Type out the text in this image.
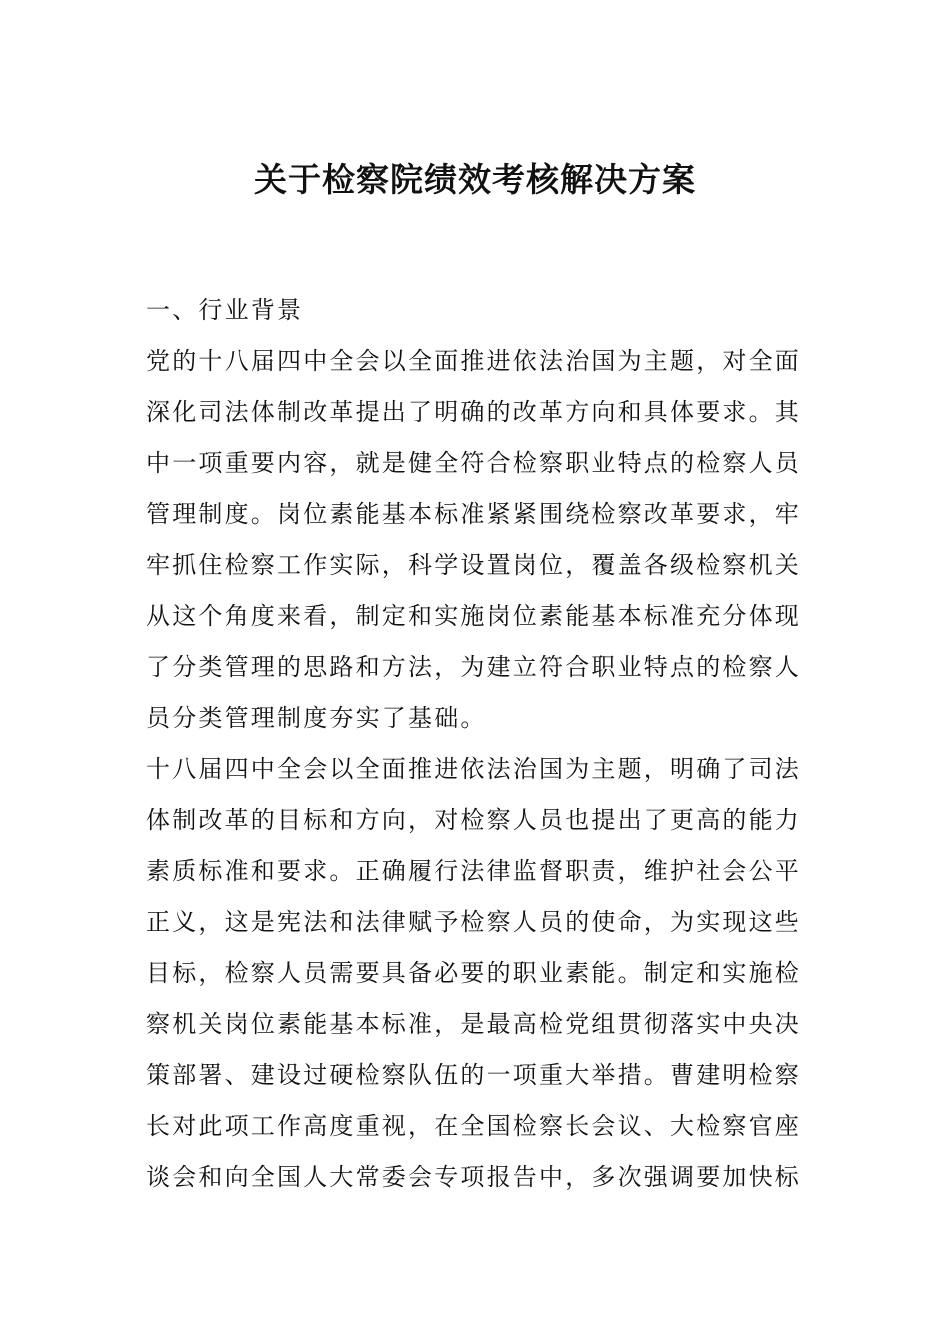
关于检察院绩效考核解决方案
一、行业背景
党的十八届四中全会以全面推进依法治国为主题，对全面
深化司法体制改革提出了明确的改革方向和具体要求。其
中一项重要内容，就是健全符合检察职业特点的检察人员
管理制度。岗位素能基本标准紧紧围绕检察改革要求，牢
牢抓住检察工作实际，科学设置岗位，覆盖各级检察机关
从这个角度来看，制定和实施岗位素能基本标准充分体现
了分类管理的思路和方法，为建立符合职业特点的检察人
员分类管理制度夯实了基础。
十八届四中全会以全面推进依法治国为主题，明确了司法
体制改革的目标和方向，对检察人员也提出了更高的能力
素质标准和要求。正确履行法律监督职责，维护社会公平
正义，这是宪法和法律赋予检察人员的使命，为实现这些
目标，检察人员需要具备必要的职业素能。制定和实施检
察机关岗位素能基本标准，是最高检党组贯彻落实中央决
策部署、建设过硬检察队伍的一项重大举措。曹建明检察
长对此项工作高度重视，在全国检察长会议、大检察官座
谈会和向全国人大常委会专项报告中，多次强调要加快标
